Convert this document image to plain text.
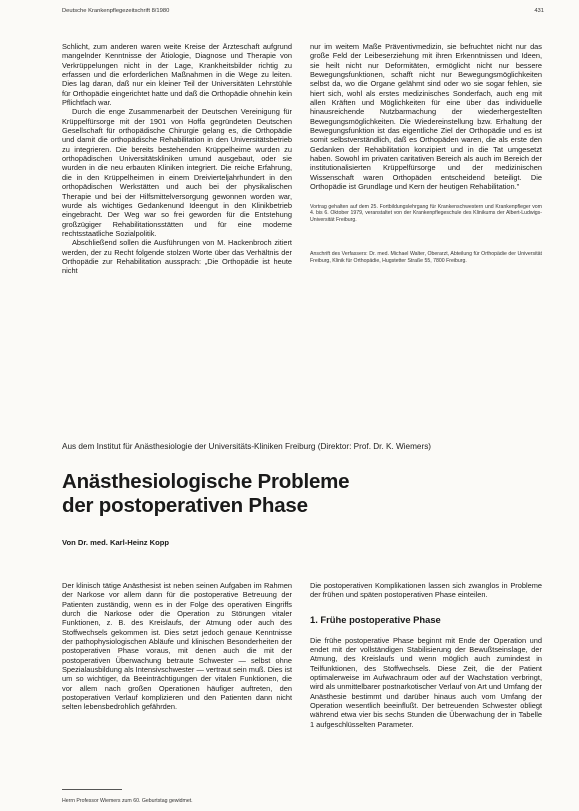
Deutsche Krankenpflegezeitschrift 8/1980	431

Schlicht, zum anderen waren weite Kreise der Ärzteschaft aufgrund mangelnder Kenntnisse der Ätiologie, Diagnose und Therapie von Verkrüppelungen nicht in der Lage, Krankheitsbilder richtig zu erfassen und die erforderlichen Maßnahmen in die Wege zu leiten. Dies lag daran, daß nur ein kleiner Teil der Universitäten Lehrstühle für Orthopädie eingerichtet hatte und daß die Orthopädie ohnehin kein Pflichtfach war.

Durch die enge Zusammenarbeit der Deutschen Vereinigung für Krüppelfürsorge mit der 1901 von Hoffa gegründeten Deutschen Gesellschaft für orthopädische Chirurgie gelang es, die Orthopädie und damit die orthopädische Rehabilitation in den Universitätsbetrieb zu integrieren. Die bereits bestehenden Krüppelheime wurden zu orthopädischen Universitätskliniken umund ausgebaut, oder sie wurden in die neu erbauten Kliniken integriert. Die reiche Erfahrung, die in den Krüppelheimen in einem Dreivierteljahrhundert in den orthopädischen Werkstätten und auch bei der physikalischen Therapie und bei der Hilfsmittelversorgung gewonnen worden war, wurde als wichtiges Gedankenund Ideengut in den Klinikbetrieb eingebracht. Der Weg war so frei geworden für die Entstehung großzügiger Rehabilitationsstätten und für eine moderne rechtsstaatliche Sozialpolitik.

Abschließend sollen die Ausführungen von M. Hackenbroch zitiert werden, der zu Recht folgende stolzen Worte über das Verhältnis der Orthopädie zur Rehabilitation aussprach: „Die Orthopädie ist heute nicht

nur im weitem Maße Präventivmedizin, sie befruchtet nicht nur das große Feld der Leibeserziehung mit ihren Erkenntnissen und Ideen, sie heilt nicht nur Deformitäten, ermöglicht nicht nur bessere Bewegungsfunktionen, schafft nicht nur Bewegungsmöglichkeiten selbst da, wo die Organe gelähmt sind oder wo sie sogar fehlen, sie hiert sich, wohl als erstes medizinisches Sonderfach, auch eng mit allen Kräften und Möglichkeiten für eine über das individuelle hinausreichende Nutzbarmachung der wiederhergestellten Bewegungsmöglichkeiten. Die Wiedereinstellung bzw. Erhaltung der Bewegungsfunktion ist das eigentliche Ziel der Orthopädie und es ist somit selbstverständlich, daß es Orthopäden waren, die als erste den Gedanken der Rehabilitation konzipiert und in die Tat umgesetzt haben. Sowohl im privaten caritativen Bereich als auch im Bereich der institutionalisierten Krüppelfürsorge und der medizinischen Wissenschaft waren Orthopäden entscheidend beteiligt. Die Orthopädie ist Grundlage und Kern der heutigen Rehabilitation."

Vortrag gehalten auf dem 25. Fortbildungslehrgang für Krankenschwestern und Krankenpfleger vom 4. bis 6. Oktober 1979, veranstaltet von der Krankenpflegeschule des Klinikums der Albert-Ludwigs-Universität Freiburg.
Anschrift des Verfassers: Dr. med. Michael Walter, Oberarzt, Abteilung für Orthopädie der Universität Freiburg, Klinik für Orthopädie, Hugstetter Straße 55, 7800 Freiburg.
Aus dem Institut für Anästhesiologie der Universitäts-Kliniken Freiburg (Direktor: Prof. Dr. K. Wiemers)
Anästhesiologische Probleme
der postoperativen Phase
Von Dr. med. Karl-Heinz Kopp

Der klinisch tätige Anästhesist ist neben seinen Aufgaben im Rahmen der Narkose vor allem dann für die postoperative Betreuung der Patienten zuständig, wenn es in der Folge des operativen Eingriffs durch die Narkose oder die Operation zu Störungen vitaler Funktionen, z. B. des Kreislaufs, der Atmung oder auch des Stoffwechsels gekommen ist. Dies setzt jedoch genaue Kenntnisse der pathophysiologischen Abläufe und klinischen Besonderheiten der postoperativen Phase voraus, mit denen auch die mit der postoperativen Überwachung betraute Schwester — selbst ohne Spezialausbildung als Intensivschwester — vertraut sein muß. Dies ist um so wichtiger, da Beeinträchtigungen der vitalen Funktionen, die vor allem nach großen Operationen häufiger auftreten, den postoperativen Verlauf komplizieren und den Patienten dann nicht selten lebensbedrohlich gefährden.

Die postoperativen Komplikationen lassen sich zwanglos in Probleme der frühen und späten postoperativen Phase einteilen.

1. Frühe postoperative Phase

Die frühe postoperative Phase beginnt mit Ende der Operation und endet mit der vollständigen Stabilisierung der Bewußtseinslage, der Atmung, des Kreislaufs und wenn möglich auch zumindest in Teilfunktionen, des Stoffwechsels. Diese Zeit, die der Patient optimalerweise im Aufwachraum oder auf der Wachstation verbringt, wird als unmittelbarer postnarkotischer Verlauf von Art und Umfang der Anästhesie bestimmt und darüber hinaus auch vom Umfang der Operation wesentlich beeinflußt. Der betreuenden Schwester obliegt während etwa vier bis sechs Stunden die Überwachung der in Tabelle 1 aufgeschlüsselten Parameter.

Herrn Professor Wiemers zum 60. Geburtstag gewidmet.
